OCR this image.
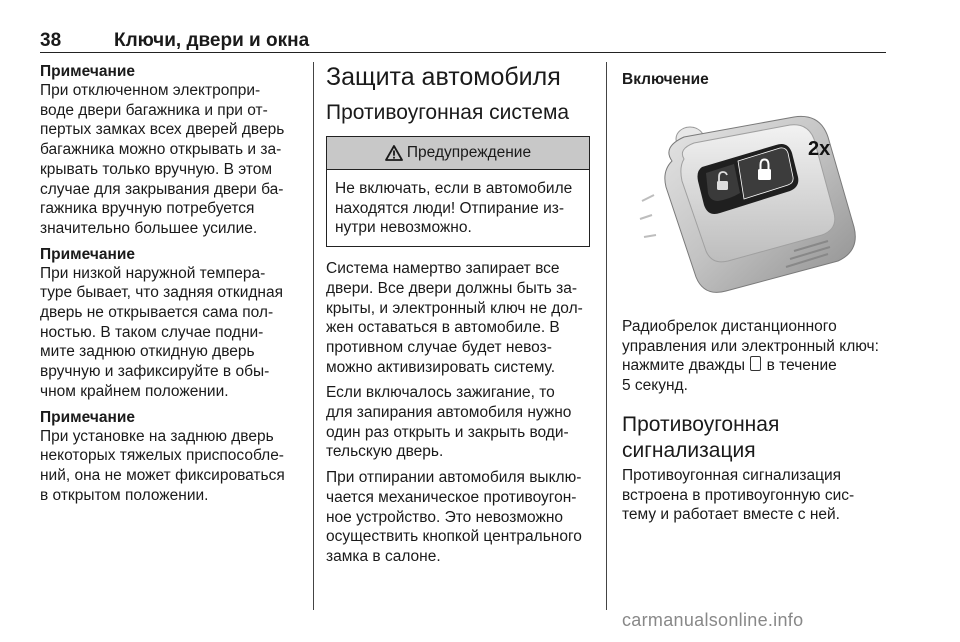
38	Ключи, двери и окна

Примечание

При отключенном электропри-

воде двери багажника и при от-

пертых замках всех дверей дверь

багажника можно открывать и за-

крывать только вручную. В этом

случае для закрывания двери ба-

гажника вручную потребуется

значительно большее усилие.

Примечание

При низкой наружной темпера-

туре бывает, что задняя откидная

дверь не открывается сама пол-

ностью. В таком случае подни-

мите заднюю откидную дверь

вручную и зафиксируйте в обы-

чном крайнем положении.

Примечание

При установке на заднюю дверь

некоторых тяжелых приспособле-

ний, она не может фиксироваться

в открытом положении.

Защита автомобиля

Противоугонная система

Предупреждение

Не включать, если в автомобиле

находятся люди! Отпирание из-

нутри невозможно.

Система намертво запирает все

двери. Все двери должны быть за-

крыты, и электронный ключ не дол-

жен оставаться в автомобиле. В

противном случае будет невоз-

можно активизировать систему.

Если включалось зажигание, то

для запирания автомобиля нужно

один раз открыть и закрыть води-

тельскую дверь.

При отпирании автомобиля выклю-

чается механическое противоугон-

ное устройство. Это невозможно

осуществить кнопкой центрального

замка в салоне.

Включение

2x

Радиобрелок дистанционного

управления или электронный ключ:

нажмите дважды в течение

5 секунд.

Противоугонная

сигнализация

Противоугонная сигнализация

встроена в противоугонную сис-

тему и работает вместе с ней.

carmanualsonline.info
